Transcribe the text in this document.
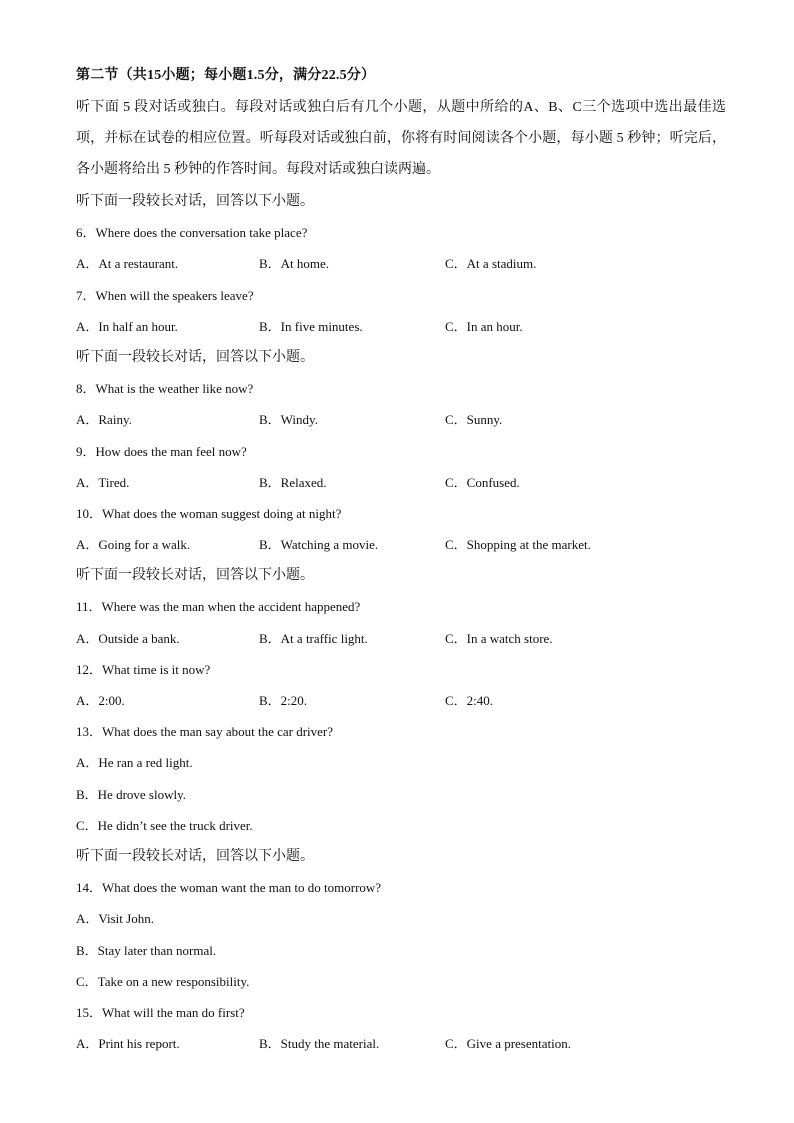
第二节（共15小题；每小题1.5分，满分22.5分）
听下面 5 段对话或独白。每段对话或独白后有几个小题，从题中所给的A、B、C三个选项中选出最佳选项，并标在试卷的相应位置。听每段对话或独白前，你将有时间阅读各个小题，每小题 5 秒钟；听完后，各小题将给出 5 秒钟的作答时间。每段对话或独白读两遍。
听下面一段较长对话，回答以下小题。
6．Where does the conversation take place?
A．At a restaurant.	B．At home.	C．At a stadium.
7．When will the speakers leave?
A．In half an hour.	B．In five minutes.	C．In an hour.
听下面一段较长对话，回答以下小题。
8．What is the weather like now?
A．Rainy.	B．Windy.	C．Sunny.
9．How does the man feel now?
A．Tired.	B．Relaxed.	C．Confused.
10．What does the woman suggest doing at night?
A．Going for a walk.	B．Watching a movie.	C．Shopping at the market.
听下面一段较长对话，回答以下小题。
11．Where was the man when the accident happened?
A．Outside a bank.	B．At a traffic light.	C．In a watch store.
12．What time is it now?
A．2:00.	B．2:20.	C．2:40.
13．What does the man say about the car driver?
A．He ran a red light.
B．He drove slowly.
C．He didn’t see the truck driver.
听下面一段较长对话，回答以下小题。
14．What does the woman want the man to do tomorrow?
A．Visit John.
B．Stay later than normal.
C．Take on a new responsibility.
15．What will the man do first?
A．Print his report.	B．Study the material.	C．Give a presentation.
